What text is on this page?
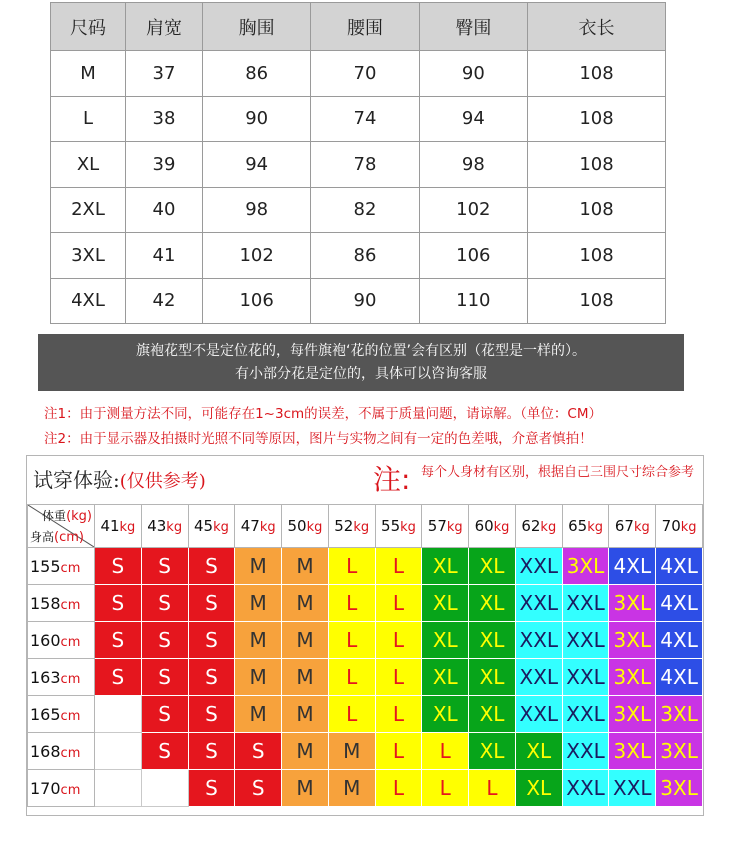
尺码	肩宽	胸围	腰围	臀围	衣长
M	37	86	70	90	108
L	38	90	74	94	108
XL	39	94	78	98	108
2XL	40	98	82	102	108
3XL	41	102	86	106	108
4XL	42	106	90	110	108
旗袍花型不是定位花的，每件旗袍‘花的位置’会有区别（花型是一样的）。
有小部分花是定位的，具体可以咨询客服
注1：由于测量方法不同，可能存在1~3cm的误差，不属于质量问题，请谅解。（单位：CM）
注2：由于显示器及拍摄时光照不同等原因，图片与实物之间有一定的色差哦，介意者慎拍！
试穿体验:(仅供参考)	注: 每个人身材有区别，根据自己三围尺寸综合参考
体重(kg)
身高(cm)	41kg	43kg	45kg	47kg	50kg	52kg	55kg	57kg	60kg	62kg	65kg	67kg	70kg
155cm	S	S	S	M	M	L	L	XL	XL	XXL	3XL	4XL	4XL
158cm	S	S	S	M	M	L	L	XL	XL	XXL	XXL	3XL	4XL
160cm	S	S	S	M	M	L	L	XL	XL	XXL	XXL	3XL	4XL
163cm	S	S	S	M	M	L	L	XL	XL	XXL	XXL	3XL	4XL
165cm		S	S	M	M	L	L	XL	XL	XXL	XXL	3XL	3XL
168cm		S	S	S	M	M	L	L	XL	XL	XXL	3XL	3XL
170cm			S	S	M	M	L	L	L	XL	XXL	XXL	3XL
